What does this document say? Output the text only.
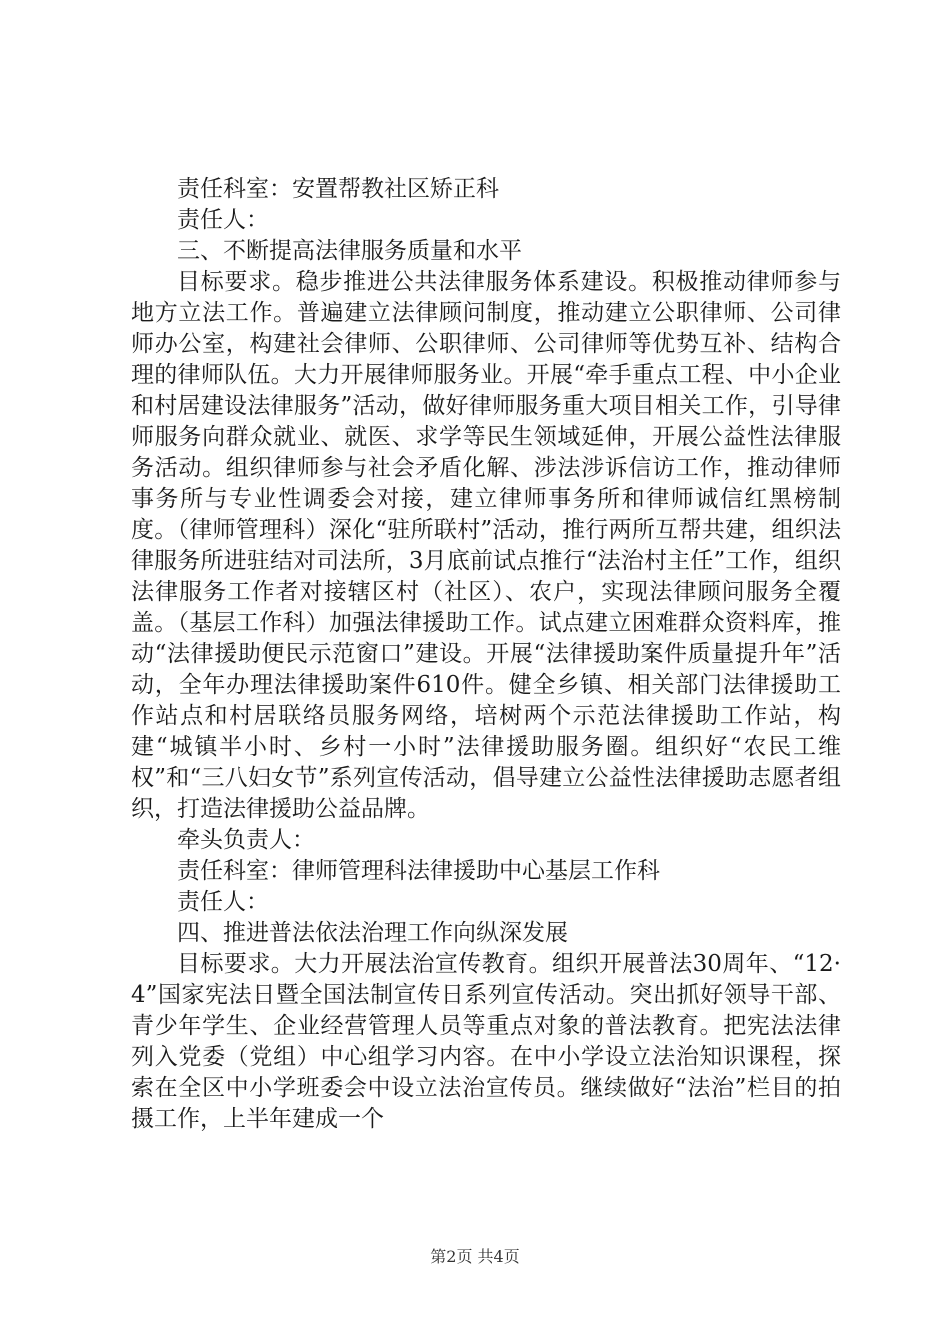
责任科室：安置帮教社区矫正科

责任人：

三、不断提高法律服务质量和水平

目标要求。稳步推进公共法律服务体系建设。积极推动律师参与地方立法工作。普遍建立法律顾问制度，推动建立公职律师、公司律师办公室，构建社会律师、公职律师、公司律师等优势互补、结构合理的律师队伍。大力开展律师服务业。开展“牵手重点工程、中小企业和村居建设法律服务”活动，做好律师服务重大项目相关工作，引导律师服务向群众就业、就医、求学等民生领域延伸，开展公益性法律服务活动。组织律师参与社会矛盾化解、涉法涉诉信访工作，推动律师事务所与专业性调委会对接，建立律师事务所和律师诚信红黑榜制度。（律师管理科）深化“驻所联村”活动，推行两所互帮共建，组织法律服务所进驻结对司法所，3月底前试点推行“法治村主任”工作，组织法律服务工作者对接辖区村（社区）、农户，实现法律顾问服务全覆盖。（基层工作科）加强法律援助工作。试点建立困难群众资料库，推动“法律援助便民示范窗口”建设。开展“法律援助案件质量提升年”活动，全年办理法律援助案件610件。健全乡镇、相关部门法律援助工作站点和村居联络员服务网络，培树两个示范法律援助工作站，构建“城镇半小时、乡村一小时”法律援助服务圈。组织好“农民工维权”和“三八妇女节”系列宣传活动，倡导建立公益性法律援助志愿者组织，打造法律援助公益品牌。

牵头负责人：

责任科室：律师管理科法律援助中心基层工作科

责任人：

四、推进普法依法治理工作向纵深发展

目标要求。大力开展法治宣传教育。组织开展普法30周年、“12·4”国家宪法日暨全国法制宣传日系列宣传活动。突出抓好领导干部、青少年学生、企业经营管理人员等重点对象的普法教育。把宪法法律列入党委（党组）中心组学习内容。在中小学设立法治知识课程，探索在全区中小学班委会中设立法治宣传员。继续做好“法治”栏目的拍摄工作，上半年建成一个

第2页 共4页
